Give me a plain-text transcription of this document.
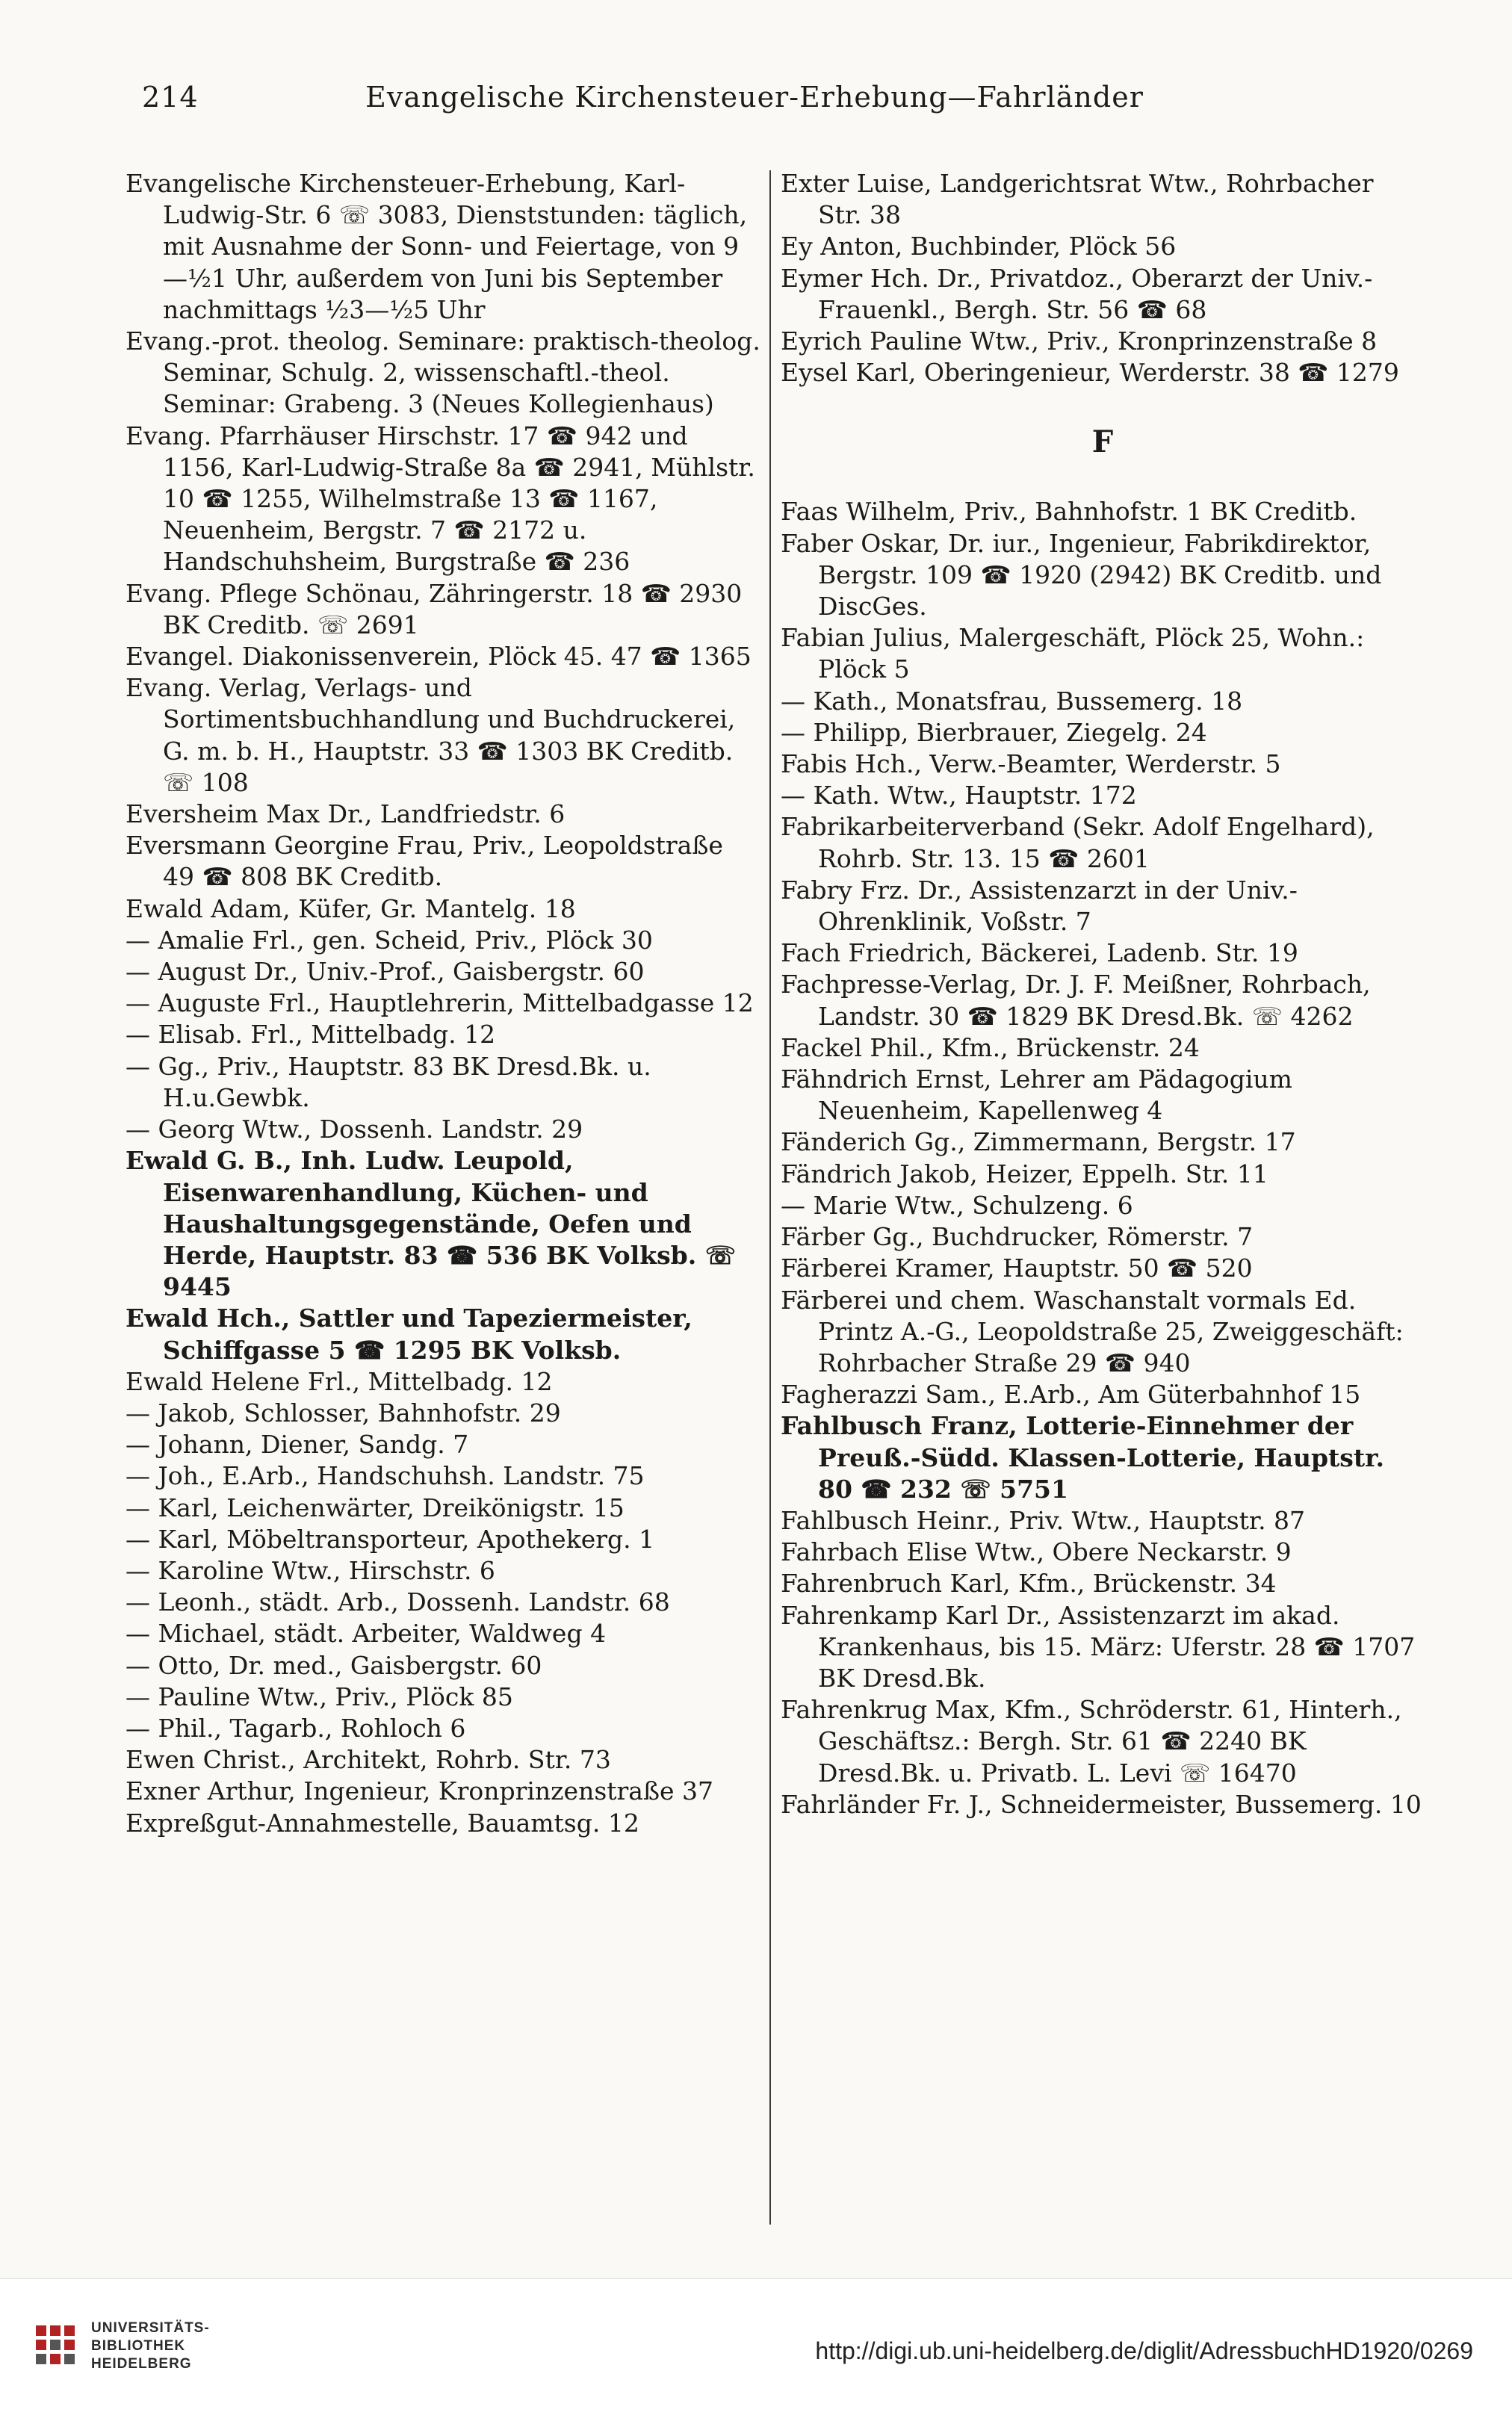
214	Evangelische Kirchensteuer-Erhebung—Fahrländer

Evangelische Kirchensteuer-Erhebung, Karl-Ludwig-Str. 6 ☏ 3083, Dienststunden: täglich, mit Ausnahme der Sonn- und Feiertage, von 9—½1 Uhr, außerdem von Juni bis September nachmittags ½3—½5 Uhr

Evang.-prot. theolog. Seminare: praktisch-theolog. Seminar, Schulg. 2, wissenschaftl.-theol. Seminar: Grabeng. 3 (Neues Kollegienhaus)

Evang. Pfarrhäuser Hirschstr. 17 ☎ 942 und 1156, Karl-Ludwig-Straße 8a ☎ 2941, Mühlstr. 10 ☎ 1255, Wilhelmstraße 13 ☎ 1167, Neuenheim, Bergstr. 7 ☎ 2172 u. Handschuhsheim, Burgstraße ☎ 236

Evang. Pflege Schönau, Zähringerstr. 18 ☎ 2930 BK Creditb. ☏ 2691

Evangel. Diakonissenverein, Plöck 45. 47 ☎ 1365

Evang. Verlag, Verlags- und Sortimentsbuchhandlung und Buchdruckerei, G. m. b. H., Hauptstr. 33 ☎ 1303 BK Creditb. ☏ 108

Eversheim Max Dr., Landfriedstr. 6

Eversmann Georgine Frau, Priv., Leopoldstraße 49 ☎ 808 BK Creditb.

Ewald Adam, Küfer, Gr. Mantelg. 18

— Amalie Frl., gen. Scheid, Priv., Plöck 30

— August Dr., Univ.-Prof., Gaisbergstr. 60

— Auguste Frl., Hauptlehrerin, Mittelbadgasse 12

— Elisab. Frl., Mittelbadg. 12

— Gg., Priv., Hauptstr. 83 BK Dresd.Bk. u. H.u.Gewbk.

— Georg Wtw., Dossenh. Landstr. 29

Ewald G. B., Inh. Ludw. Leupold, Eisenwarenhandlung, Küchen- und Haushaltungsgegenstände, Oefen und Herde, Hauptstr. 83 ☎ 536 BK Volksb. ☏ 9445

Ewald Hch., Sattler und Tapeziermeister, Schiffgasse 5 ☎ 1295 BK Volksb.

Ewald Helene Frl., Mittelbadg. 12

— Jakob, Schlosser, Bahnhofstr. 29

— Johann, Diener, Sandg. 7

— Joh., E.Arb., Handschuhsh. Landstr. 75

— Karl, Leichenwärter, Dreikönigstr. 15

— Karl, Möbeltransporteur, Apothekerg. 1

— Karoline Wtw., Hirschstr. 6

— Leonh., städt. Arb., Dossenh. Landstr. 68

— Michael, städt. Arbeiter, Waldweg 4

— Otto, Dr. med., Gaisbergstr. 60

— Pauline Wtw., Priv., Plöck 85

— Phil., Tagarb., Rohloch 6

Ewen Christ., Architekt, Rohrb. Str. 73

Exner Arthur, Ingenieur, Kronprinzenstraße 37

Expreßgut-Annahmestelle, Bauamtsg. 12

Exter Luise, Landgerichtsrat Wtw., Rohrbacher Str. 38

Ey Anton, Buchbinder, Plöck 56

Eymer Hch. Dr., Privatdoz., Oberarzt der Univ.-Frauenkl., Bergh. Str. 56 ☎ 68

Eyrich Pauline Wtw., Priv., Kronprinzenstraße 8

Eysel Karl, Oberingenieur, Werderstr. 38 ☎ 1279

F

Faas Wilhelm, Priv., Bahnhofstr. 1 BK Creditb.

Faber Oskar, Dr. iur., Ingenieur, Fabrikdirektor, Bergstr. 109 ☎ 1920 (2942) BK Creditb. und DiscGes.

Fabian Julius, Malergeschäft, Plöck 25, Wohn.: Plöck 5

— Kath., Monatsfrau, Bussemerg. 18

— Philipp, Bierbrauer, Ziegelg. 24

Fabis Hch., Verw.-Beamter, Werderstr. 5

— Kath. Wtw., Hauptstr. 172

Fabrikarbeiterverband (Sekr. Adolf Engelhard), Rohrb. Str. 13. 15 ☎ 2601

Fabry Frz. Dr., Assistenzarzt in der Univ.-Ohrenklinik, Voßstr. 7

Fach Friedrich, Bäckerei, Ladenb. Str. 19

Fachpresse-Verlag, Dr. J. F. Meißner, Rohrbach, Landstr. 30 ☎ 1829 BK Dresd.Bk. ☏ 4262

Fackel Phil., Kfm., Brückenstr. 24

Fähndrich Ernst, Lehrer am Pädagogium Neuenheim, Kapellenweg 4

Fänderich Gg., Zimmermann, Bergstr. 17

Fändrich Jakob, Heizer, Eppelh. Str. 11

— Marie Wtw., Schulzeng. 6

Färber Gg., Buchdrucker, Römerstr. 7

Färberei Kramer, Hauptstr. 50 ☎ 520

Färberei und chem. Waschanstalt vormals Ed. Printz A.-G., Leopoldstraße 25, Zweiggeschäft: Rohrbacher Straße 29 ☎ 940

Fagherazzi Sam., E.Arb., Am Güterbahnhof 15

Fahlbusch Franz, Lotterie-Einnehmer der Preuß.-Südd. Klassen-Lotterie, Hauptstr. 80 ☎ 232 ☏ 5751

Fahlbusch Heinr., Priv. Wtw., Hauptstr. 87

Fahrbach Elise Wtw., Obere Neckarstr. 9

Fahrenbruch Karl, Kfm., Brückenstr. 34

Fahrenkamp Karl Dr., Assistenzarzt im akad. Krankenhaus, bis 15. März: Uferstr. 28 ☎ 1707 BK Dresd.Bk.

Fahrenkrug Max, Kfm., Schröderstr. 61, Hinterh., Geschäftsz.: Bergh. Str. 61 ☎ 2240 BK Dresd.Bk. u. Privatb. L. Levi ☏ 16470

Fahrländer Fr. J., Schneidermeister, Bussemerg. 10

UNIVERSITÄTS-
BIBLIOTHEK
HEIDELBERG	http://digi.ub.uni-heidelberg.de/diglit/AdressbuchHD1920/0269
